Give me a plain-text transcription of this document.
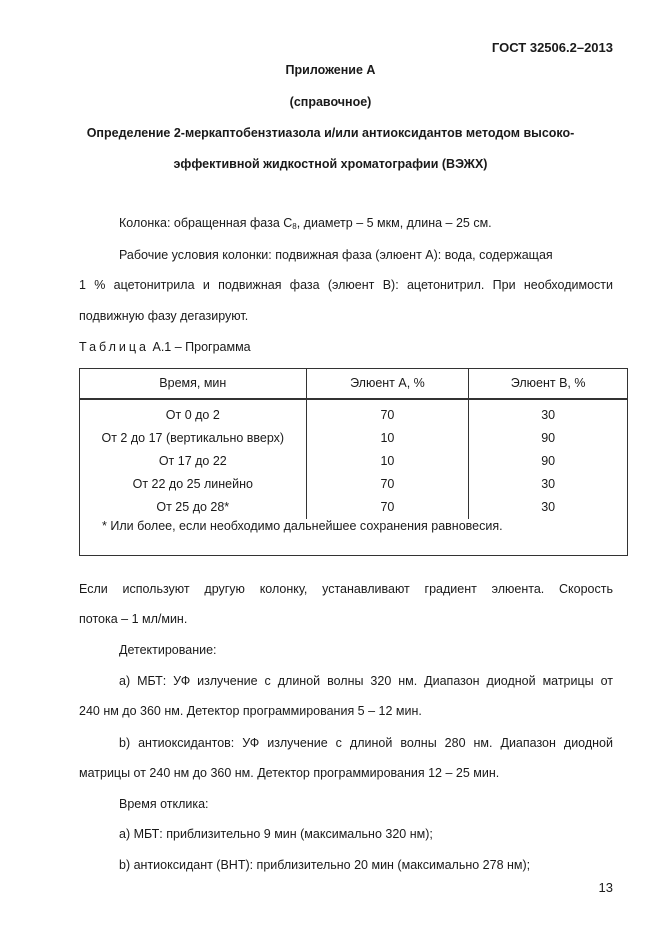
ГОСТ 32506.2–2013
Приложение А
(справочное)
Определение 2-меркаптобензтиазола и/или антиоксидантов методом высоко-
эффективной жидкостной хроматографии (ВЭЖХ)
Колонка: обращенная фаза $С_8$, диаметр – 5 мкм, длина – 25 см.
Рабочие условия колонки: подвижная фаза (элюент А): вода, содержащая
1 % ацетонитрила и подвижная фаза (элюент В): ацетонитрил. При необходимости
подвижную фазу дегазируют.
Таблица А.1 – Программа
Время, мин	Элюент А, %	Элюент В, %
От 0 до 2	70	30
От 2 до 17 (вертикально вверх)	10	90
От 17 до 22	10	90
От 22 до 25 линейно	70	30
От 25 до 28*	70	30
* Или более, если необходимо дальнейшее сохранения равновесия.		
Если используют другую колонку, устанавливают градиент элюента. Скорость
потока – 1 мл/мин.
Детектирование:
а) МБТ: УФ излучение с длиной волны 320 нм. Диапазон диодной матрицы от
240 нм до 360 нм. Детектор программирования 5 – 12 мин.
b) антиоксидантов: УФ излучение с длиной волны 280 нм. Диапазон диодной
матрицы от 240 нм до 360 нм. Детектор программирования 12 – 25 мин.
Время отклика:
а) МБТ: приблизительно 9 мин (максимально 320 нм);
b) антиоксидант (ВНТ): приблизительно 20 мин (максимально 278 нм);
13
